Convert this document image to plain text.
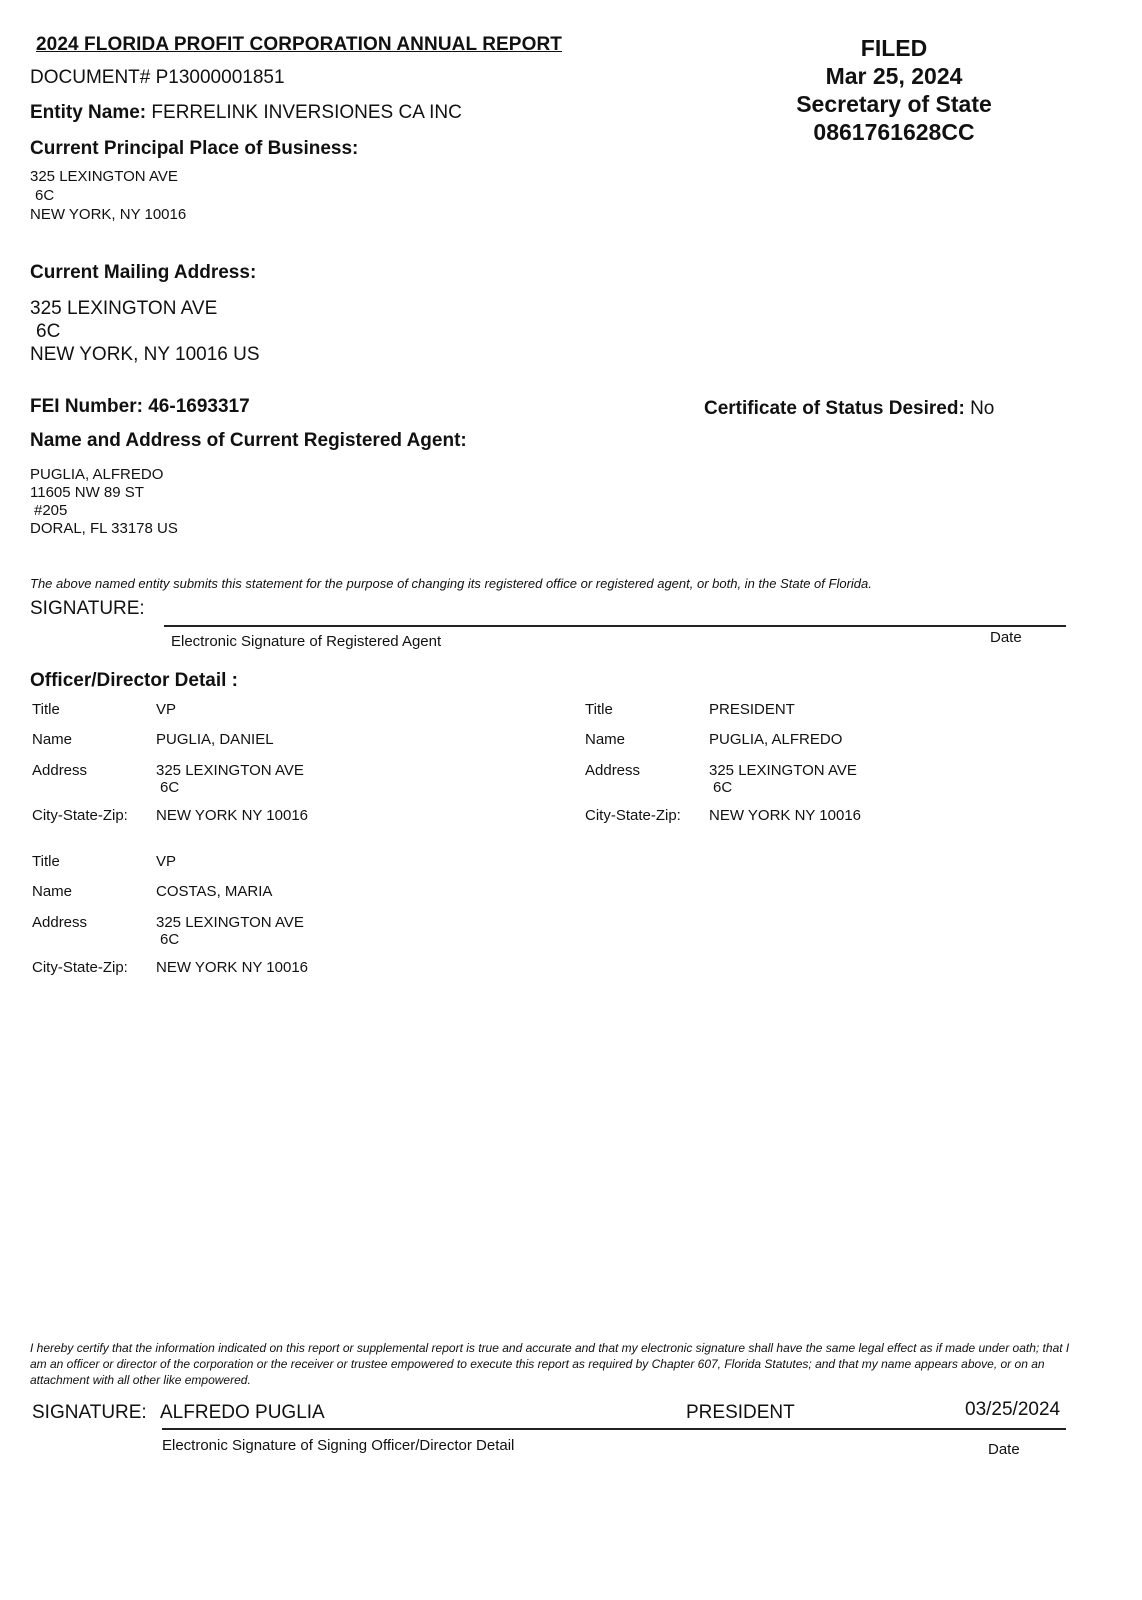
2024 FLORIDA PROFIT CORPORATION ANNUAL REPORT
DOCUMENT# P13000001851
Entity Name: FERRELINK INVERSIONES CA INC
FILED
Mar 25, 2024
Secretary of State
0861761628CC
Current Principal Place of Business:
325 LEXINGTON AVE
6C
NEW YORK, NY 10016
Current Mailing Address:
325 LEXINGTON AVE
6C
NEW YORK, NY 10016 US
FEI Number: 46-1693317	Certificate of Status Desired: No
Name and Address of Current Registered Agent:
PUGLIA, ALFREDO
11605 NW 89 ST
#205
DORAL, FL 33178 US
The above named entity submits this statement for the purpose of changing its registered office or registered agent, or both, in the State of Florida.
SIGNATURE:
Electronic Signature of Registered Agent	Date
Officer/Director Detail :
Title	VP
Name	PUGLIA, DANIEL
Address	325 LEXINGTON AVE
6C
City-State-Zip: NEW YORK NY 10016
Title	PRESIDENT
Name	PUGLIA, ALFREDO
Address	325 LEXINGTON AVE
6C
City-State-Zip: NEW YORK NY 10016
Title	VP
Name	COSTAS, MARIA
Address	325 LEXINGTON AVE
6C
City-State-Zip: NEW YORK NY 10016
I hereby certify that the information indicated on this report or supplemental report is true and accurate and that my electronic signature shall have the same legal effect as if made under oath; that I am an officer or director of the corporation or the receiver or trustee empowered to execute this report as required by Chapter 607, Florida Statutes; and that my name appears above, or on an attachment with all other like empowered.
SIGNATURE: ALFREDO PUGLIA	PRESIDENT	03/25/2024
Electronic Signature of Signing Officer/Director Detail	Date
